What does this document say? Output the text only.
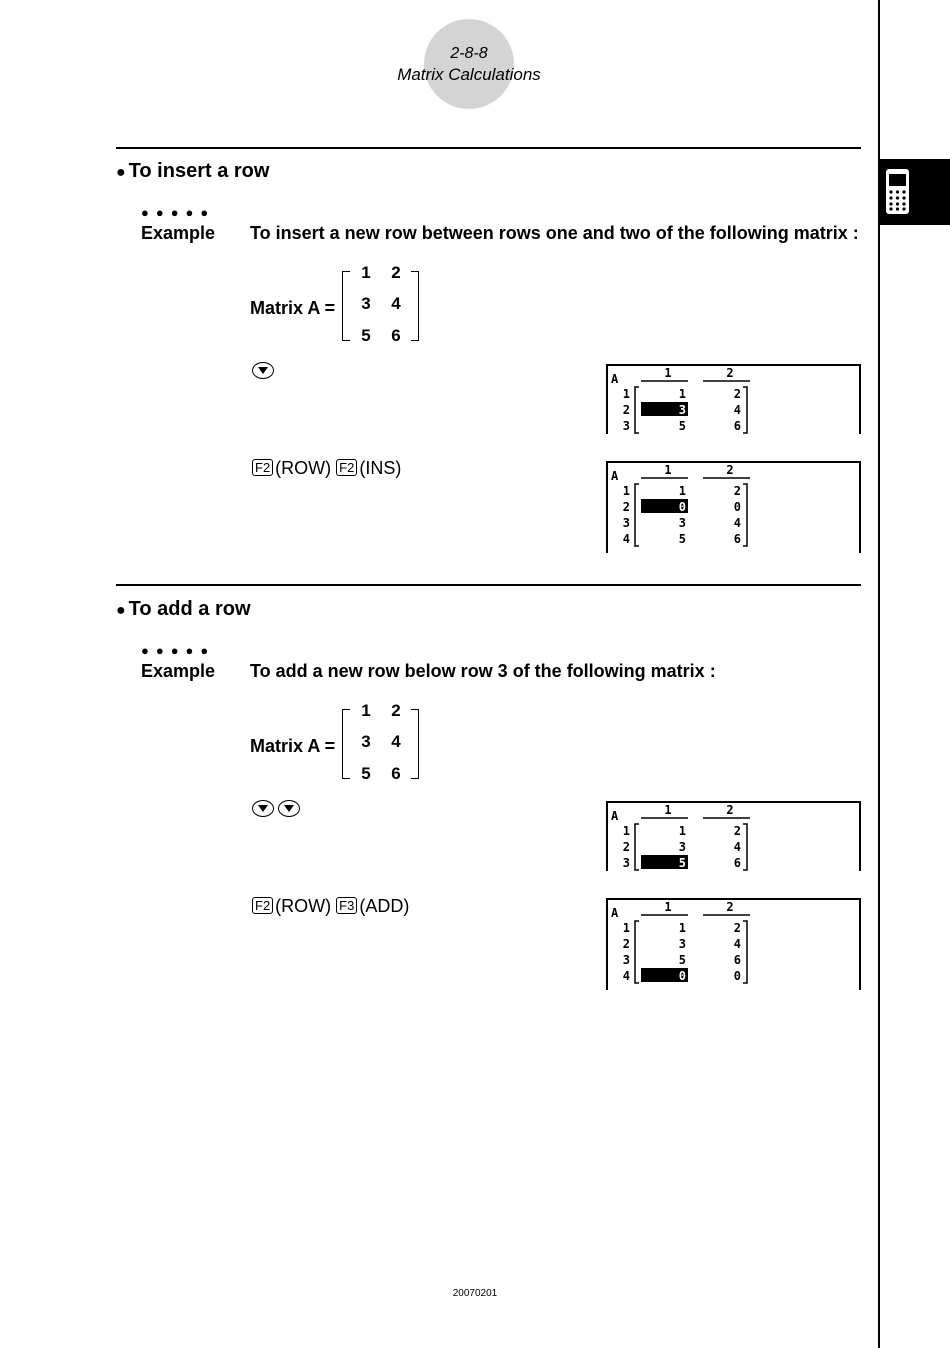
2-8-8
Matrix Calculations
● To insert a row
●●●●●
Example To insert a new row between rows one and two of the following matrix :
Matrix A =
1	2
3	4
5	6
A	1	2
1	1	2
2	3	4
3	5	6
F2 (ROW) F2 (INS)	A	1	2
1	1	2
2	0	0
3	3	4
4	5	6
● To add a row
●●●●●
Example To add a new row below row 3 of the following matrix :
Matrix A =
1	2
3	4
5	6
A	1	2
1	1	2
2	3	4
3	5	6
F2 (ROW) F3 (ADD)	A	1	2
1	1	2
2	3	4
3	5	6
4	0	0
20070201
